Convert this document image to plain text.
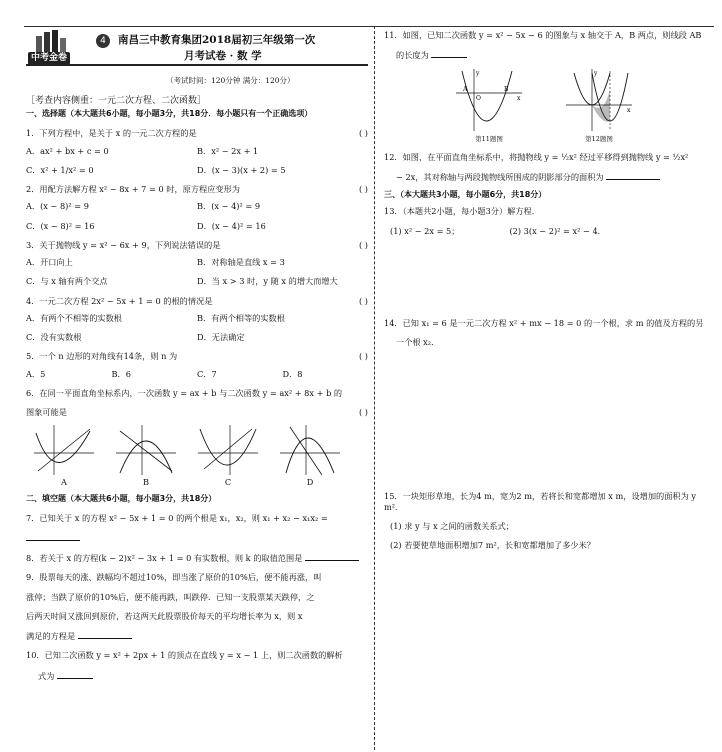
中考金卷
4	南昌三中教育集团2018届初三年级第一次
月考试卷 · 数 学
（考试时间：120分钟 满分：120分）
［考查内容侧重：一元二次方程、二次函数］
一、选择题（本大题共6小题，每小题3分，共18分．每小题只有一个正确选项）
1．下列方程中，是关于 x 的一元二次方程的是	( )
A．ax² + bx + c = 0	B．x² − 2x + 1
C．x² + 1/x² = 0	D．(x − 3)(x + 2) = 5
2．用配方法解方程 x² − 8x + 7 = 0 时，原方程应变形为	( )
A．(x − 8)² = 9	B．(x − 4)² = 9
C．(x − 8)² = 16	D．(x − 4)² = 16
3．关于抛物线 y = x² − 6x + 9，下列说法错误的是	( )
A．开口向上	B．对称轴是直线 x = 3
C．与 x 轴有两个交点	D．当 x > 3 时，y 随 x 的增大而增大
4．一元二次方程 2x² − 5x + 1 = 0 的根的情况是	( )
A．有两个不相等的实数根	B．有两个相等的实数根
C．没有实数根	D．无法确定
5．一个 n 边形的对角线有14条，则 n 为	( )
A．5	B．6	C．7	D．8
6．在同一平面直角坐标系内，一次函数 y = ax + b 与二次函数 y = ax² + 8x + b 的
图象可能是	( )
A	B	C	D
二、填空题（本大题共6小题，每小题3分，共18分）
7．已知关于 x 的方程 x² − 5x + 1 = 0 的两个根是 x₁，x₂，则 x₁ + x₂ − x₁x₂ =
8．若关于 x 的方程(k − 2)x² − 3x + 1 = 0 有实数根，则 k 的取值范围是
9．股票每天的涨、跌幅均不超过10%，即当涨了原价的10%后，便不能再涨，叫
涨停；当跌了原价的10%后，便不能再跌，叫跌停．已知一支股票某天跌停，之
后两天时间又涨回到原价，若这两天此股票股价每天的平均增长率为 x，则 x
满足的方程是
10．已知二次函数 y = x² + 2px + 1 的顶点在直线 y = x − 1 上，则二次函数的解析
式为
11．如图，已知二次函数 y = x² − 5x − 6 的图象与 x 轴交于 A，B 两点，则线段 AB
的长度为
A
O
B
x
y
第11题图
y
x
第12题图
12．如图，在平面直角坐标系中，将抛物线 y = ½x² 经过平移得到抛物线 y = ½x²
− 2x，其对称轴与两段抛物线所围成的阴影部分的面积为
三、（本大题共3小题，每小题6分，共18分）
13．（本题共2小题，每小题3分）解方程．
(1) x² − 2x = 5；	(2) 3(x − 2)² = x² − 4．
14．已知 x₁ = 6 是一元二次方程 x² + mx − 18 = 0 的一个根，求 m 的值及方程的另
一个根 x₂．
15．一块矩形草地，长为4 m，宽为2 m，若将长和宽都增加 x m，设增加的面积为 y m²．
(1) 求 y 与 x 之间的函数关系式；
(2) 若要使草地面积增加7 m²，长和宽都增加了多少米？
